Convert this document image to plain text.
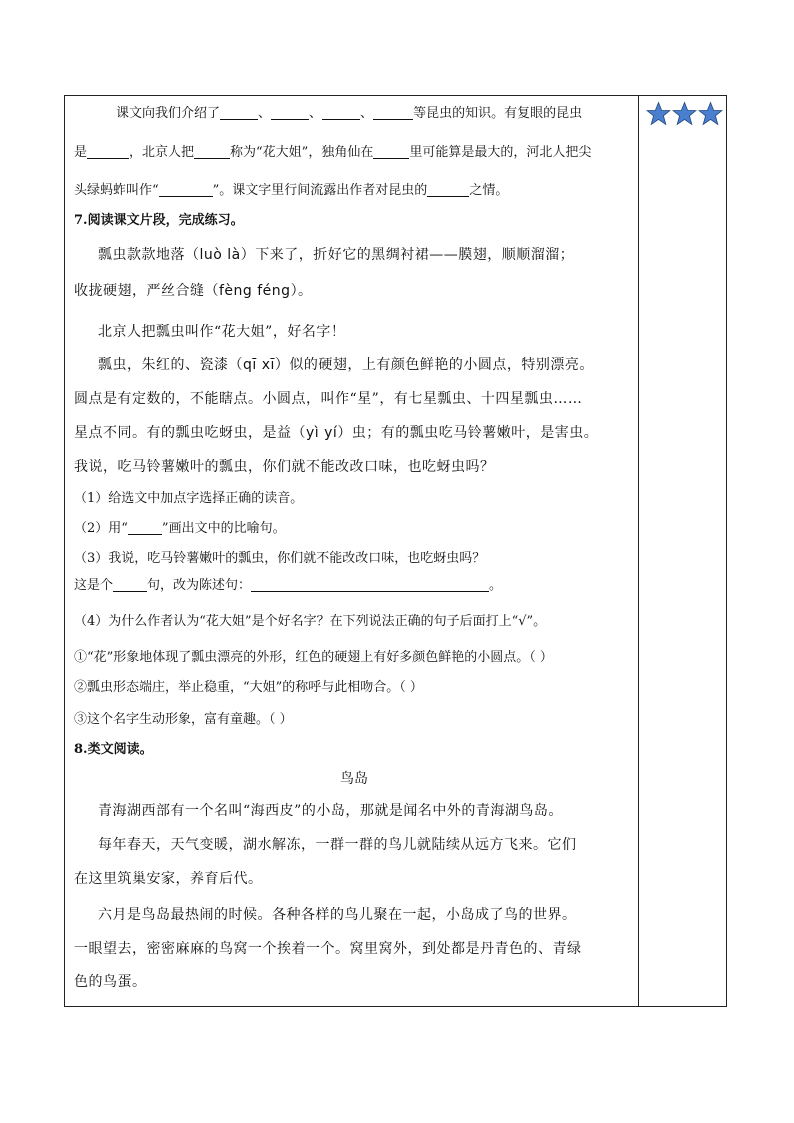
课文向我们介绍了	、	、	、	等昆虫的知识。有复眼的昆虫
是	，北京人把	称为“花大姐”，独角仙在	里可能算是最大的，河北人把尖
头绿蚂蚱叫作“	”。课文字里行间流露出作者对昆虫的	之情。
7.阅读课文片段，完成练习。
瓢虫款款地落（luò là）下来了，折好它的黑绸衬裙——膜翅，顺顺溜溜；
收拢硬翅，严丝合缝（fèng féng）。
北京人把瓢虫叫作“花大姐”，好名字！
瓢虫，朱红的、瓷漆（qī xī）似的硬翅，上有颜色鲜艳的小圆点，特别漂亮。
圆点是有定数的，不能瞎点。小圆点，叫作“星”，有七星瓢虫、十四星瓢虫……
星点不同。有的瓢虫吃蚜虫，是益（yì yí）虫；有的瓢虫吃马铃薯嫩叶，是害虫。
我说，吃马铃薯嫩叶的瓢虫，你们就不能改改口味，也吃蚜虫吗？
（1）给选文中加点字选择正确的读音。
（2）用“	”画出文中的比喻句。
（3）我说，吃马铃薯嫩叶的瓢虫，你们就不能改改口味，也吃蚜虫吗？
这是个	句，改为陈述句：	。
（4）为什么作者认为“花大姐”是个好名字？在下列说法正确的句子后面打上“√”。
①“花”形象地体现了瓢虫漂亮的外形，红色的硬翅上有好多颜色鲜艳的小圆点。（ ）
②瓢虫形态端庄，举止稳重，“大姐”的称呼与此相吻合。（ ）
③这个名字生动形象，富有童趣。（ ）
8.类文阅读。
鸟岛
青海湖西部有一个名叫“海西皮”的小岛，那就是闻名中外的青海湖鸟岛。
每年春天，天气变暖，湖水解冻，一群一群的鸟儿就陆续从远方飞来。它们
在这里筑巢安家，养育后代。
六月是鸟岛最热闹的时候。各种各样的鸟儿聚在一起，小岛成了鸟的世界。
一眼望去，密密麻麻的鸟窝一个挨着一个。窝里窝外，到处都是丹青色的、青绿
色的鸟蛋。
